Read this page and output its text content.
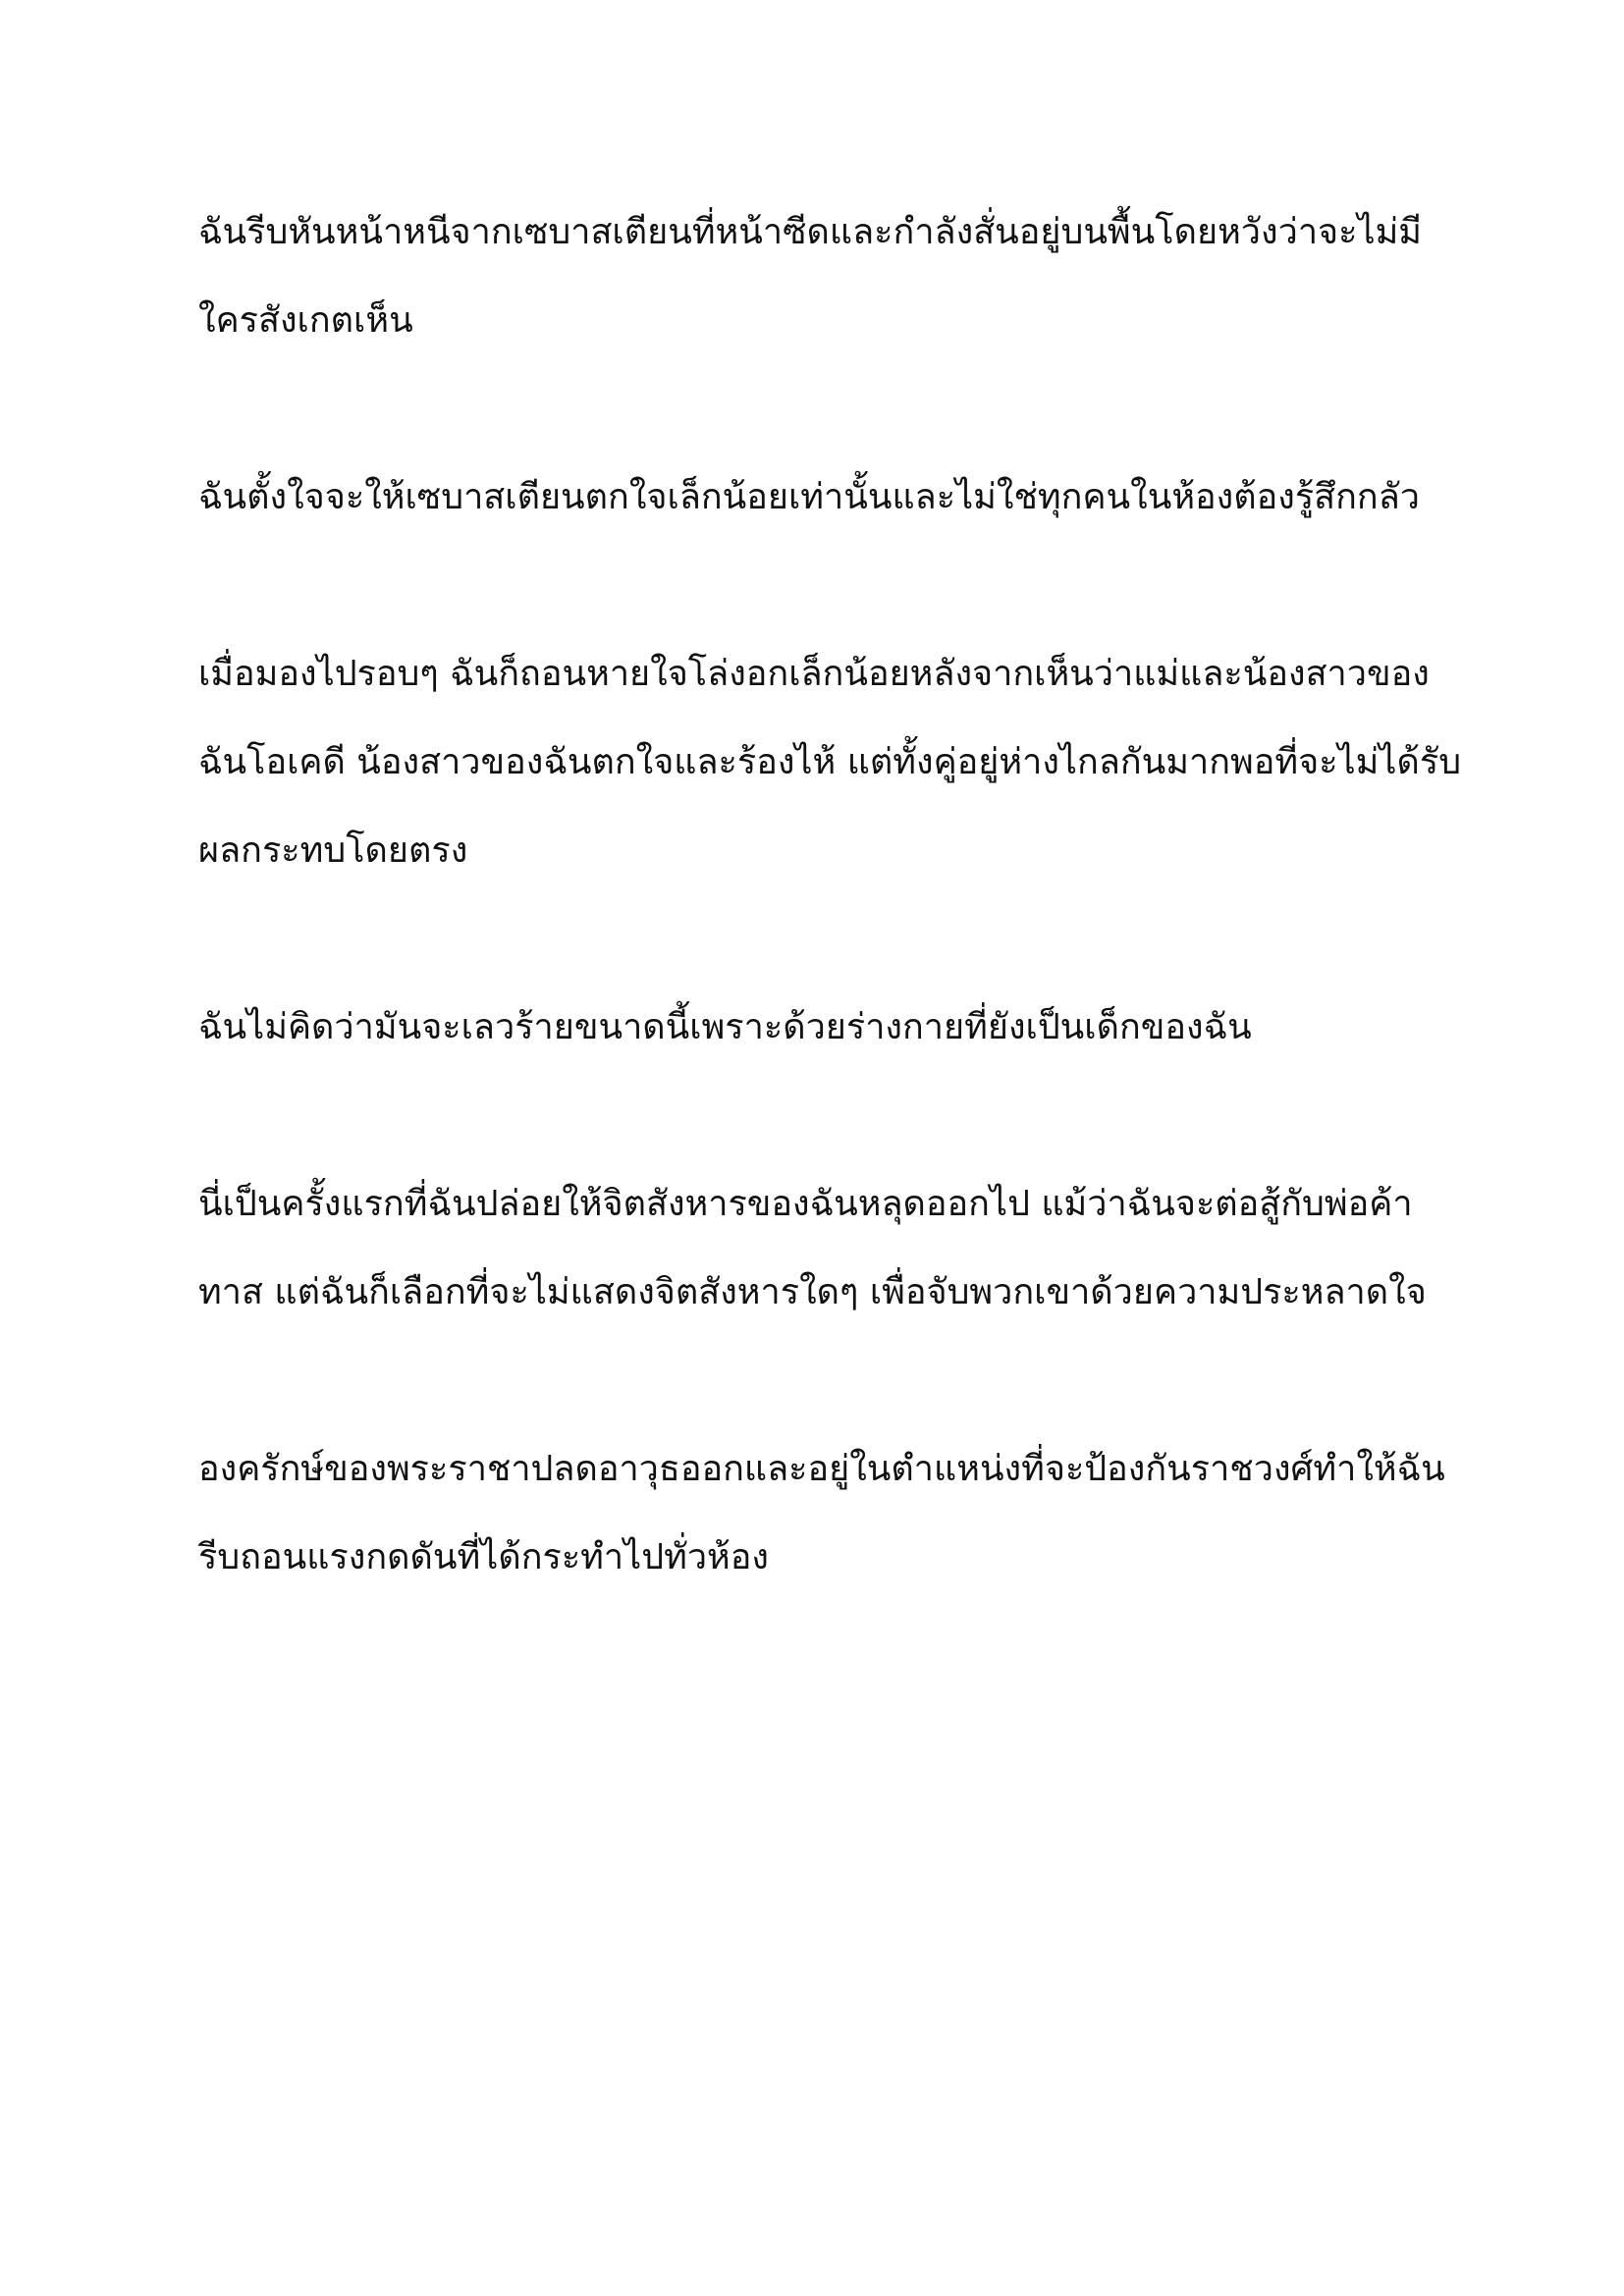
ฉันรีบหันหน้าหนีจากเซบาสเตียนที่หน้าซีดและกำลังสั่นอยู่บนพื้นโดยหวังว่าจะไม่มี
ใครสังเกตเห็น

ฉันตั้งใจจะให้เซบาสเตียนตกใจเล็กน้อยเท่านั้นและไม่ใช่ทุกคนในห้องต้องรู้สึกกลัว

เมื่อมองไปรอบๆ ฉันก็ถอนหายใจโล่งอกเล็กน้อยหลังจากเห็นว่าแม่และน้องสาวของ
ฉันโอเคดี น้องสาวของฉันตกใจและร้องไห้ แต่ทั้งคู่อยู่ห่างไกลกันมากพอที่จะไม่ได้รับ
ผลกระทบโดยตรง

ฉันไม่คิดว่ามันจะเลวร้ายขนาดนี้เพราะด้วยร่างกายที่ยังเป็นเด็กของฉัน

นี่เป็นครั้งแรกที่ฉันปล่อยให้จิตสังหารของฉันหลุดออกไป แม้ว่าฉันจะต่อสู้กับพ่อค้า
ทาส แต่ฉันก็เลือกที่จะไม่แสดงจิตสังหารใดๆ เพื่อจับพวกเขาด้วยความประหลาดใจ

องครักษ์ของพระราชาปลดอาวุธออกและอยู่ในตำแหน่งที่จะป้องกันราชวงศ์ทำให้ฉัน
รีบถอนแรงกดดันที่ได้กระทำไปทั่วห้อง
